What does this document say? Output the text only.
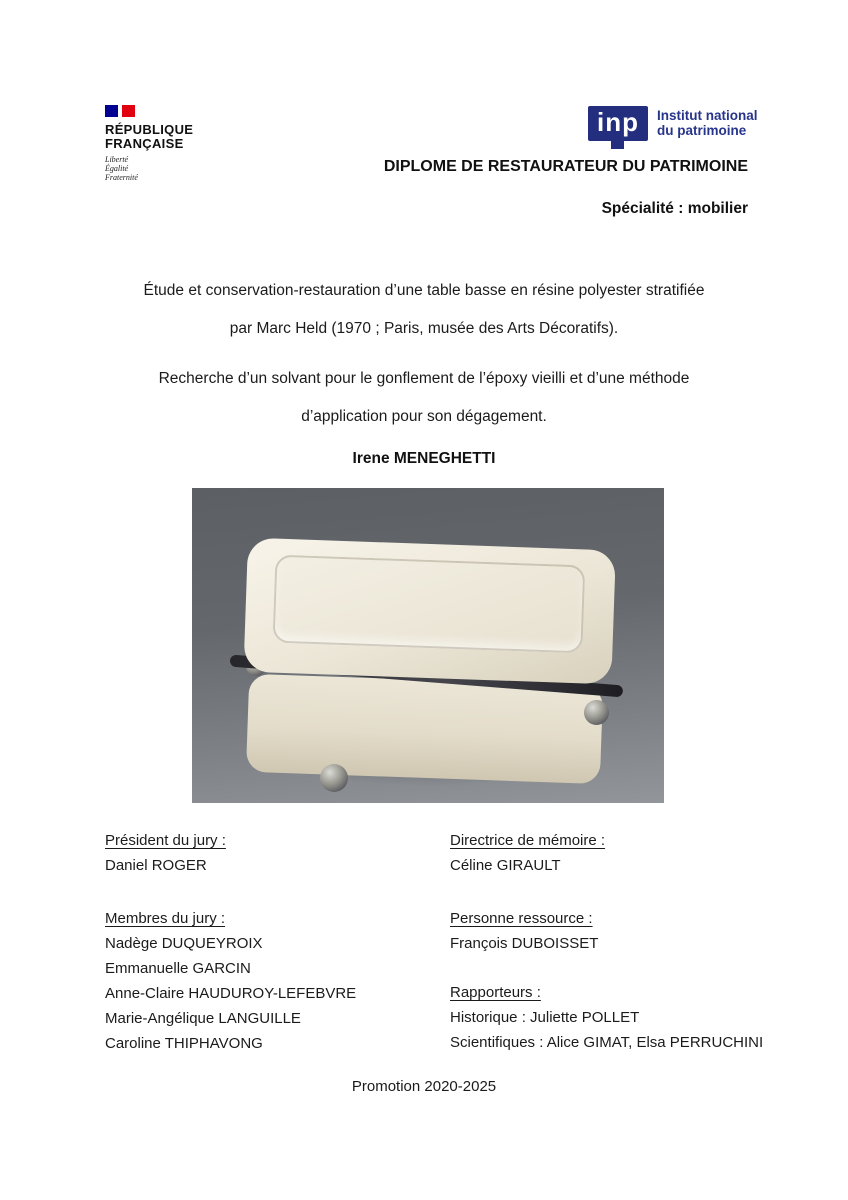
RÉPUBLIQUE
FRANÇAISE
Liberté
Égalité
Fraternité
inp Institut national
du patrimoine
DIPLOME DE RESTAURATEUR DU PATRIMOINE
Spécialité : mobilier
Étude et conservation-restauration d’une table basse en résine polyester stratifiée
par Marc Held (1970 ; Paris, musée des Arts Décoratifs).
Recherche d’un solvant pour le gonflement de l’époxy vieilli et d’une méthode
d’application pour son dégagement.
Irene MENEGHETTI
Président du jury :
Daniel ROGER
Membres du jury :
Nadège DUQUEYROIX
Emmanuelle GARCIN
Anne-Claire HAUDUROY-LEFEBVRE
Marie-Angélique LANGUILLE
Caroline THIPHAVONG
Directrice de mémoire :
Céline GIRAULT
Personne ressource :
François DUBOISSET
Rapporteurs :
Historique : Juliette POLLET
Scientifiques : Alice GIMAT, Elsa PERRUCHINI
Promotion 2020-2025
